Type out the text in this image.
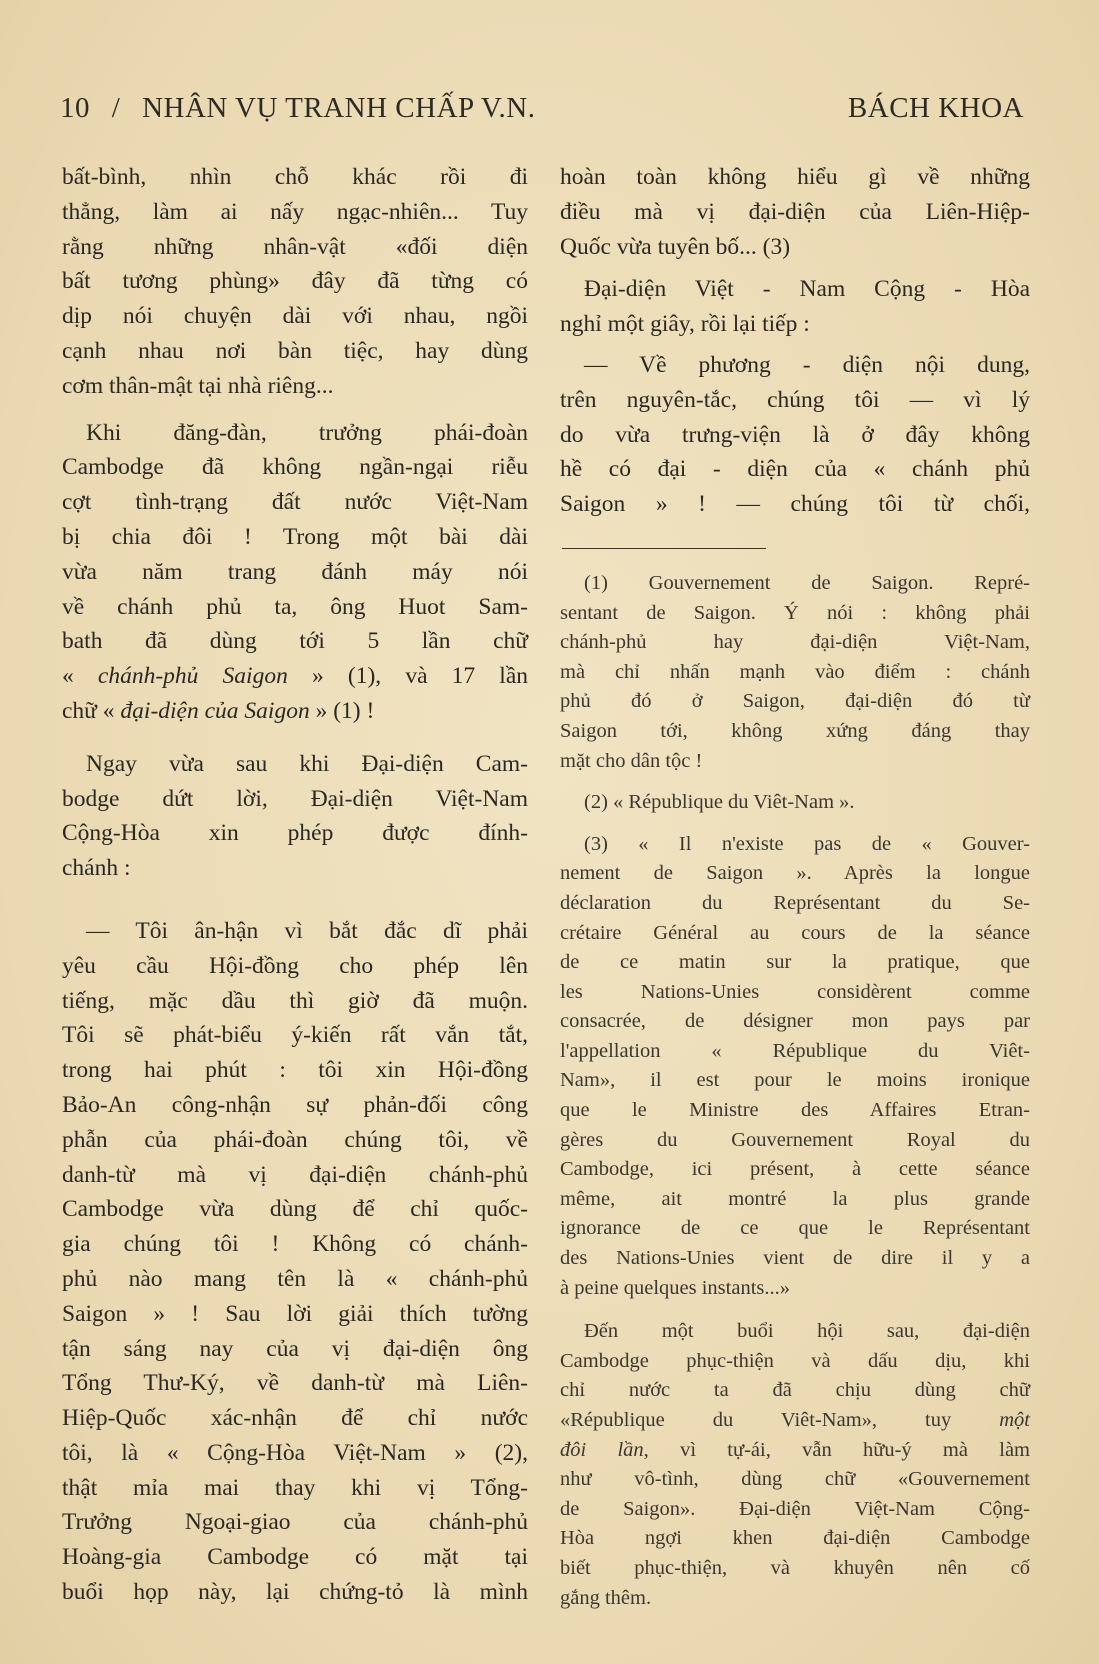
10 / NHÂN VỤ TRANH CHẤP V.N.	BÁCH KHOA

bất-bình, nhìn chỗ khác rồi đi
thẳng, làm ai nấy ngạc-nhiên... Tuy
rằng những nhân-vật «đối diện
bất tương phùng» đây đã từng có
dịp nói chuyện dài với nhau, ngồi
cạnh nhau nơi bàn tiệc, hay dùng
cơm thân-mật tại nhà riêng...

Khi đăng-đàn, trưởng phái-đoàn
Cambodge đã không ngần-ngại riễu
cợt tình-trạng đất nước Việt-Nam
bị chia đôi ! Trong một bài dài
vừa năm trang đánh máy nói
về chánh phủ ta, ông Huot Sam-
bath đã dùng tới 5 lần chữ
« chánh-phủ Saigon » (1), và 17 lần
chữ « đại-diện của Saigon » (1) !

Ngay vừa sau khi Đại-diện Cam-
bodge dứt lời, Đại-diện Việt-Nam
Cộng-Hòa xin phép được đính-
chánh :

— Tôi ân-hận vì bắt đắc dĩ phải
yêu cầu Hội-đồng cho phép lên
tiếng, mặc dầu thì giờ đã muộn.
Tôi sẽ phát-biểu ý-kiến rất vắn tắt,
trong hai phút : tôi xin Hội-đồng
Bảo-An công-nhận sự phản-đối công
phẫn của phái-đoàn chúng tôi, về
danh-từ mà vị đại-diện chánh-phủ
Cambodge vừa dùng để chỉ quốc-
gia chúng tôi ! Không có chánh-
phủ nào mang tên là « chánh-phủ
Saigon » ! Sau lời giải thích tường
tận sáng nay của vị đại-diện ông
Tổng Thư-Ký, về danh-từ mà Liên-
Hiệp-Quốc xác-nhận để chỉ nước
tôi, là « Cộng-Hòa Việt-Nam » (2),
thật mỉa mai thay khi vị Tổng-
Trưởng Ngoại-giao của chánh-phủ
Hoàng-gia Cambodge có mặt tại
buổi họp này, lại chứng-tỏ là mình

hoàn toàn không hiểu gì về những
điều mà vị đại-diện của Liên-Hiệp-
Quốc vừa tuyên bố... (3)

Đại-diện Việt - Nam Cộng - Hòa
nghỉ một giây, rồi lại tiếp :

— Về phương - diện nội dung,
trên nguyên-tắc, chúng tôi — vì lý
do vừa trưng-viện là ở đây không
hề có đại - diện của « chánh phủ
Saigon » ! — chúng tôi từ chối,

(1) Gouvernement de Saigon. Repré-
sentant de Saigon. Ý nói : không phải
chánh-phủ hay đại-diện Việt-Nam,
mà chỉ nhấn mạnh vào điểm : chánh
phủ đó ở Saigon, đại-diện đó từ
Saigon tới, không xứng đáng thay
mặt cho dân tộc !

(2) « République du Viêt-Nam ».

(3) « Il n'existe pas de « Gouver-
nement de Saigon ». Après la longue
déclaration du Représentant du Se-
crétaire Général au cours de la séance
de ce matin sur la pratique, que
les Nations-Unies considèrent comme
consacrée, de désigner mon pays par
l'appellation « République du Viêt-
Nam», il est pour le moins ironique
que le Ministre des Affaires Etran-
gères du Gouvernement Royal du
Cambodge, ici présent, à cette séance
même, ait montré la plus grande
ignorance de ce que le Représentant
des Nations-Unies vient de dire il y a
à peine quelques instants...»

Đến một buổi hội sau, đại-diện
Cambodge phục-thiện và dấu dịu, khi
chỉ nước ta đã chịu dùng chữ
«République du Viêt-Nam», tuy một
đôi lần, vì tự-ái, vẫn hữu-ý mà làm
như vô-tình, dùng chữ «Gouvernement
de Saigon». Đại-diện Việt-Nam Cộng-
Hòa ngợi khen đại-diện Cambodge
biết phục-thiện, và khuyên nên cố
gắng thêm.
